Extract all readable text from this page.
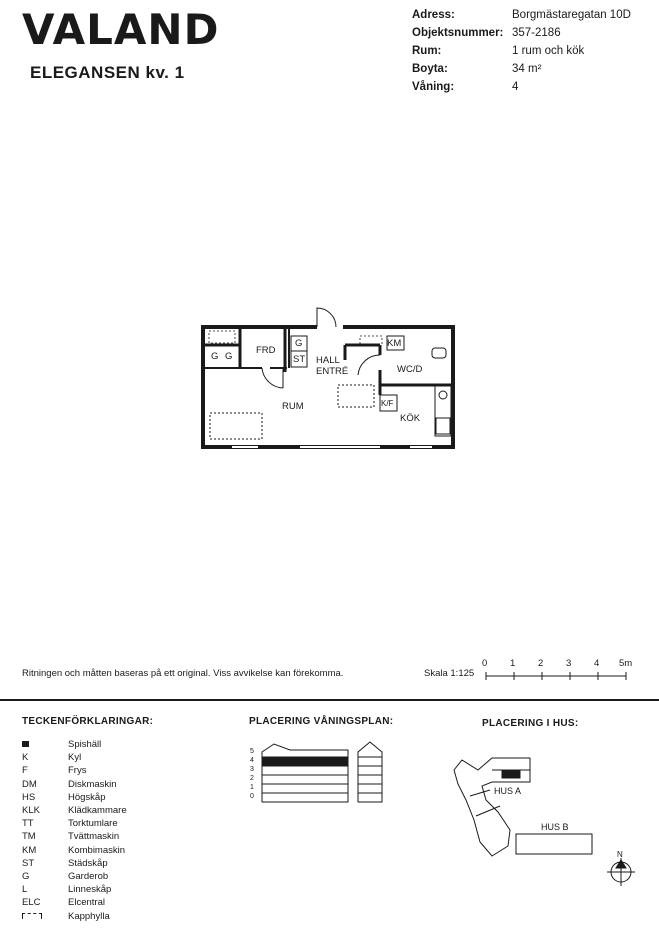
VALAND
ELEGANSEN kv. 1
Adress:	Borgmästaregatan 10D
Objektsnummer: 357-2186
Rum:	1 rum och kök
Boyta:	34 m²
Våning:	4
FRD
HALL
ENTRÉ
RUM
WC/D
KÖK
G G
G
ST
KM
K/F
Ritningen och måtten baseras på ett original. Viss avvikelse kan förekomma.	Skala 1:125
0 1 2 3 4 5m
TECKENFÖRKLARINGAR:
Spishäll
K	Kyl
F	Frys
DM	Diskmaskin
HS	Högskåp
KLK	Klädkammare
TT	Torktumlare
TM	Tvättmaskin
KM	Kombimaskin
ST	Städskåp
G	Garderob
L	Linneskåp
ELC	Elcentral
Kapphylla
PLACERING VÅNINGSPLAN:
5
4
3
2
1
0
PLACERING I HUS:
HUS A
HUS B
N
